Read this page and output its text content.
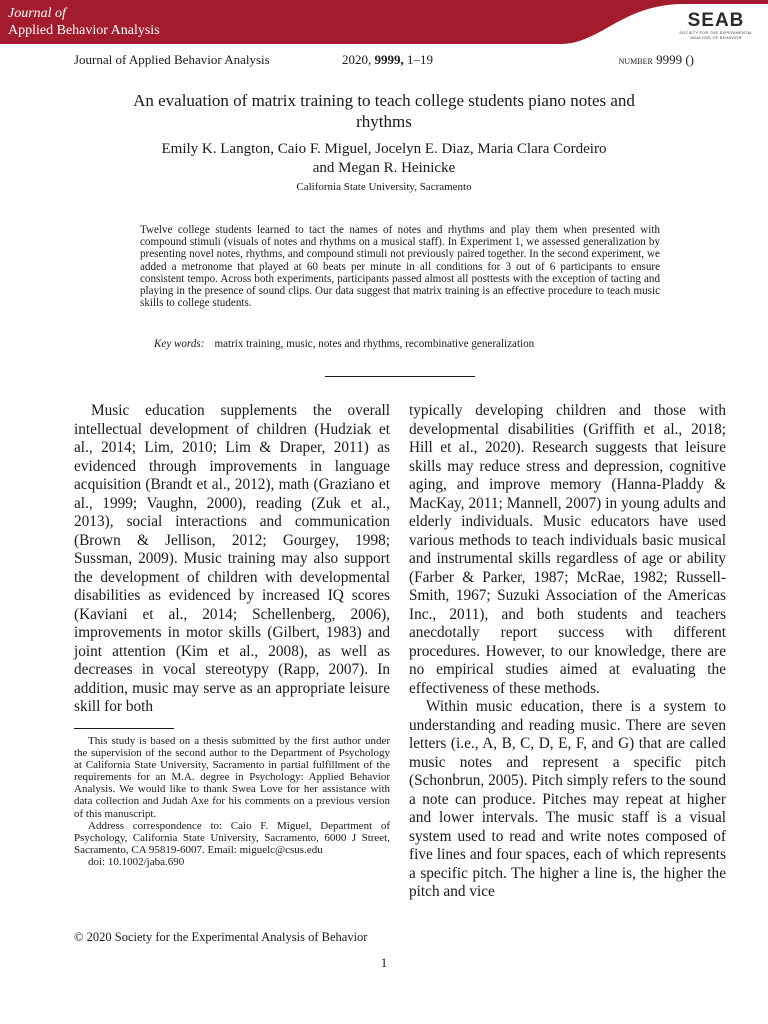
Journal of
Applied Behavior Analysis	SEAB
SOCIETY FOR THE EXPERIMENTAL ANALYSIS OF BEHAVIOR
Journal of Applied Behavior Analysis	2020, 9999, 1–19	number 9999 ()
An evaluation of matrix training to teach college students piano notes and rhythms
Emily K. Langton, Caio F. Miguel, Jocelyn E. Diaz, Maria Clara Cordeiro
and Megan R. Heinicke
California State University, Sacramento

Twelve college students learned to tact the names of notes and rhythms and play them when presented with compound stimuli (visuals of notes and rhythms on a musical staff). In Experiment 1, we assessed generalization by presenting novel notes, rhythms, and compound stimuli not previously paired together. In the second experiment, we added a metronome that played at 60 beats per minute in all conditions for 3 out of 6 participants to ensure consistent tempo. Across both experiments, participants passed almost all posttests with the exception of tacting and playing in the presence of sound clips. Our data suggest that matrix training is an effective procedure to teach music skills to college students.

Key words: matrix training, music, notes and rhythms, recombinative generalization

Music education supplements the overall intellectual development of children (Hudziak et al., 2014; Lim, 2010; Lim & Draper, 2011) as evidenced through improvements in language acquisition (Brandt et al., 2012), math (Graziano et al., 1999; Vaughn, 2000), reading (Zuk et al., 2013), social interactions and communication (Brown & Jellison, 2012; Gourgey, 1998; Sussman, 2009). Music training may also support the development of children with developmental disabilities as evidenced by increased IQ scores (Kaviani et al., 2014; Schellenberg, 2006), improvements in motor skills (Gilbert, 1983) and joint attention (Kim et al., 2008), as well as decreases in vocal stereotypy (Rapp, 2007). In addition, music may serve as an appropriate leisure skill for both

typically developing children and those with developmental disabilities (Griffith et al., 2018; Hill et al., 2020). Research suggests that leisure skills may reduce stress and depression, cognitive aging, and improve memory (Hanna-Pladdy & MacKay, 2011; Mannell, 2007) in young adults and elderly individuals. Music educators have used various methods to teach individuals basic musical and instrumental skills regardless of age or ability (Farber & Parker, 1987; McRae, 1982; Russell-Smith, 1967; Suzuki Association of the Americas Inc., 2011), and both students and teachers anecdotally report success with different procedures. However, to our knowledge, there are no empirical studies aimed at evaluating the effectiveness of these methods.

Within music education, there is a system to understanding and reading music. There are seven letters (i.e., A, B, C, D, E, F, and G) that are called music notes and represent a specific pitch (Schonbrun, 2005). Pitch simply refers to the sound a note can produce. Pitches may repeat at higher and lower intervals. The music staff is a visual system used to read and write notes composed of five lines and four spaces, each of which represents a specific pitch. The higher a line is, the higher the pitch and vice

This study is based on a thesis submitted by the first author under the supervision of the second author to the Department of Psychology at California State University, Sacramento in partial fulfillment of the requirements for an M.A. degree in Psychology: Applied Behavior Analysis. We would like to thank Swea Love for her assistance with data collection and Judah Axe for his comments on a previous version of this manuscript.

Address correspondence to: Caio F. Miguel, Department of Psychology, California State University, Sacramento, 6000 J Street, Sacramento, CA 95819-6007. Email: miguelc@csus.edu

doi: 10.1002/jaba.690

© 2020 Society for the Experimental Analysis of Behavior
1
